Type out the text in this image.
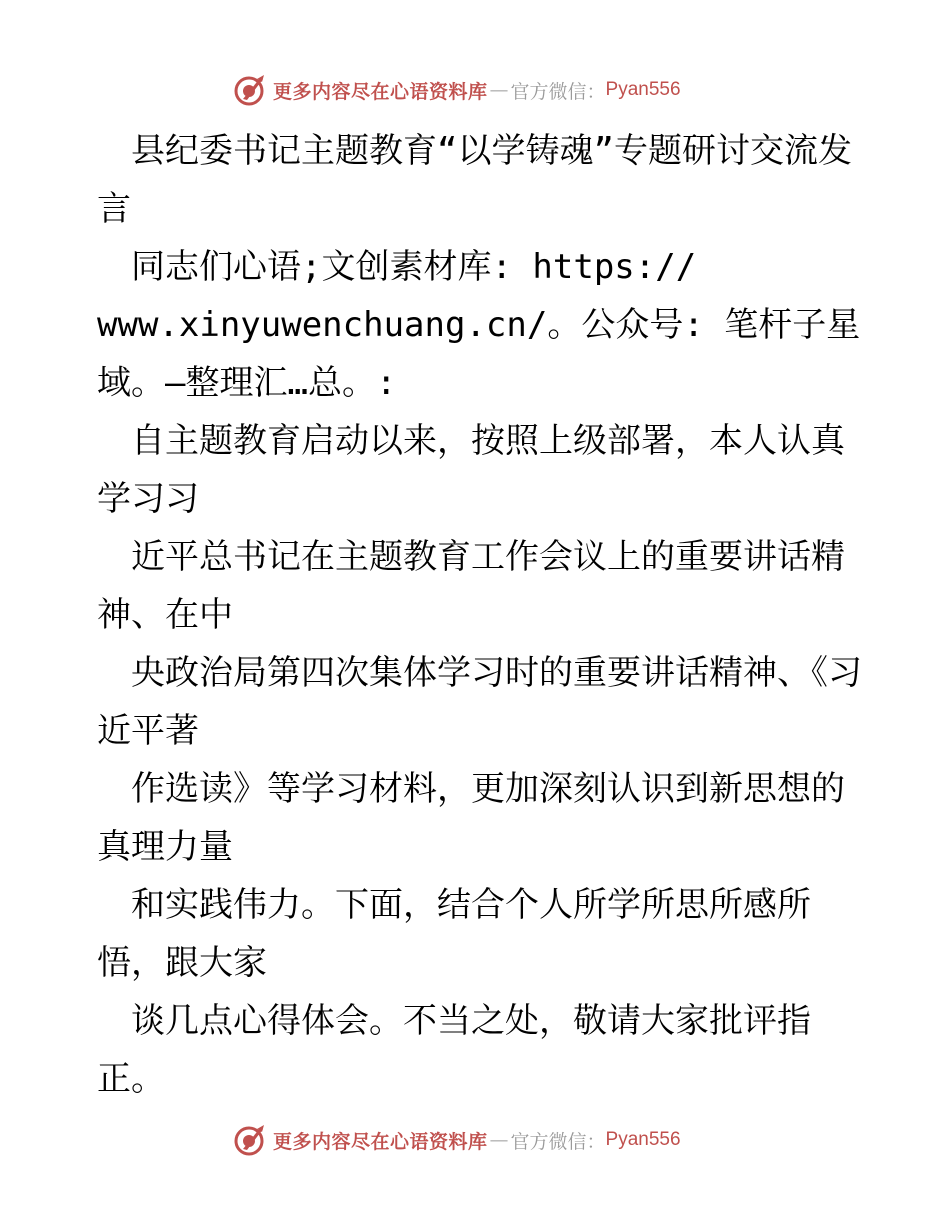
更多内容尽在心语资料库 — 官方微信： Pyan556

　县纪委书记主题教育“以学铸魂”专题研讨交流发言

　同志们心语;文创素材库: https://
www.xinyuwenchuang.cn/。公众号: 笔杆子星域。—整理汇…总。:

　自主题教育启动以来，按照上级部署，本人认真学习习

　近平总书记在主题教育工作会议上的重要讲话精神、在中

　央政治局第四次集体学习时的重要讲话精神、《习近平著

　作选读》等学习材料，更加深刻认识到新思想的真理力量

　和实践伟力。下面，结合个人所学所思所感所悟，跟大家

　谈几点心得体会。不当之处，敬请大家批评指正。

更多内容尽在心语资料库 — 官方微信： Pyan556
